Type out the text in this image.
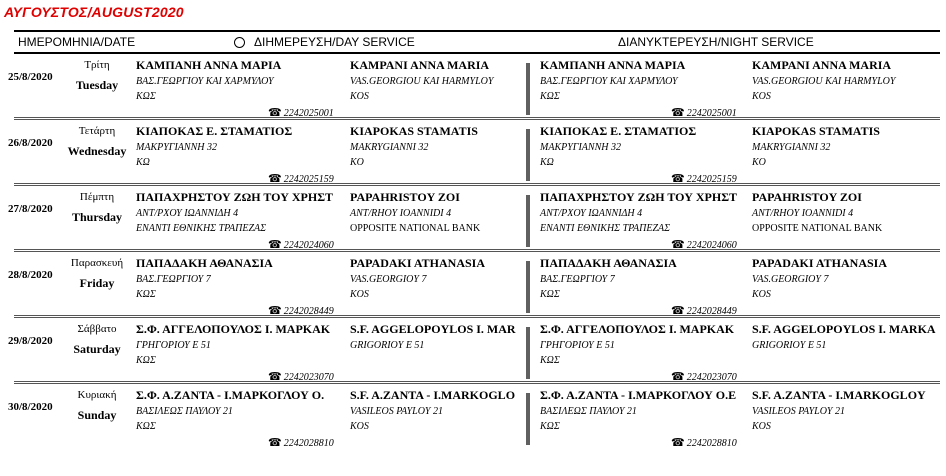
ΑΥΓΟΥΣΤΟΣ/AUGUST2020
ΗΜΕΡΟΜΗΝΙΑ/DATE	ΔΙΗΜΕΡΕΥΣΗ/DAY SERVICE	ΔΙΑΝΥΚΤΕΡΕΥΣΗ/NIGHT SERVICE
25/8/2020
Τρίτη
Tuesday
ΚΑΜΠΑΝΗ ΑΝΝΑ ΜΑΡΙΑ
ΒΑΣ.ΓΕΩΡΓΙΟΥ ΚΑΙ ΧΑΡΜΥΛΟΥ
ΚΩΣ
☎ 2242025001
KAMPANI ANNA MARIA
VAS.GEORGIOU KAI HARMYLOY
KOS
ΚΑΜΠΑΝΗ ΑΝΝΑ ΜΑΡΙΑ
ΒΑΣ.ΓΕΩΡΓΙΟΥ ΚΑΙ ΧΑΡΜΥΛΟΥ
ΚΩΣ
☎ 2242025001
KAMPANI ANNA MARIA
VAS.GEORGIOU KAI HARMYLOY
KOS
26/8/2020
Τετάρτη
Wednesday
ΚΙΑΠΟΚΑΣ Ε. ΣΤΑΜΑΤΙΟΣ
ΜΑΚΡΥΓΙΑΝΝΗ 32
ΚΩ
☎ 2242025159
KIAPOKAS STAMATIS
MAKRYGIANNI 32
KO
ΚΙΑΠΟΚΑΣ Ε. ΣΤΑΜΑΤΙΟΣ
ΜΑΚΡΥΓΙΑΝΝΗ 32
ΚΩ
☎ 2242025159
KIAPOKAS STAMATIS
MAKRYGIANNI 32
KO
27/8/2020
Πέμπτη
Thursday
ΠΑΠΑΧΡΗΣΤΟΥ ΖΩΗ ΤΟΥ ΧΡΗΣΤ
ΑΝΤ/ΡΧΟΥ ΙΩΑΝΝΙΔΗ 4
ΕΝΑΝΤΙ ΕΘΝΙΚΗΣ ΤΡΑΠΕΖΑΣ
☎ 2242024060
PAPAHRISTOY ZOI
ANT/RHOY IOANNIDI 4
OPPOSITE NATIONAL BANK
ΠΑΠΑΧΡΗΣΤΟΥ ΖΩΗ ΤΟΥ ΧΡΗΣΤ
ΑΝΤ/ΡΧΟΥ ΙΩΑΝΝΙΔΗ 4
ΕΝΑΝΤΙ ΕΘΝΙΚΗΣ ΤΡΑΠΕΖΑΣ
☎ 2242024060
PAPAHRISTOY ZOI
ANT/RHOY IOANNIDI 4
OPPOSITE NATIONAL BANK
28/8/2020
Παρασκευή
Friday
ΠΑΠΑΔΑΚΗ ΑΘΑΝΑΣΙΑ
ΒΑΣ.ΓΕΩΡΓΙΟΥ 7
ΚΩΣ
☎ 2242028449
PAPADAKI ATHANASIA
VAS.GEORGIOY 7
KOS
ΠΑΠΑΔΑΚΗ ΑΘΑΝΑΣΙΑ
ΒΑΣ.ΓΕΩΡΓΙΟΥ 7
ΚΩΣ
☎ 2242028449
PAPADAKI ATHANASIA
VAS.GEORGIOY 7
KOS
29/8/2020
Σάββατο
Saturday
Σ.Φ. ΑΓΓΕΛΟΠΟΥΛΟΣ Ι. ΜΑΡΚΑΚ
ΓΡΗΓΟΡΙΟΥ Ε 51
ΚΩΣ
☎ 2242023070
S.F. AGGELOPOYLOS I. MAR
GRIGORIOY E 51
Σ.Φ. ΑΓΓΕΛΟΠΟΥΛΟΣ Ι. ΜΑΡΚΑΚ
ΓΡΗΓΟΡΙΟΥ Ε 51
ΚΩΣ
☎ 2242023070
S.F. AGGELOPOYLOS I. MARKA
GRIGORIOY E 51
30/8/2020
Κυριακή
Sunday
Σ.Φ. Α.ΖΑΝΤΑ - Ι.ΜΑΡΚΟΓΛΟΥ Ο.
ΒΑΣΙΛΕΩΣ ΠΑΥΛΟΥ 21
ΚΩΣ
☎ 2242028810
S.F. A.ZANTA - I.MARKOGLO
VASILEOS PAYLOY 21
KOS
Σ.Φ. Α.ΖΑΝΤΑ - Ι.ΜΑΡΚΟΓΛΟΥ Ο.Ε
ΒΑΣΙΛΕΩΣ ΠΑΥΛΟΥ 21
ΚΩΣ
☎ 2242028810
S.F. A.ZANTA - I.MARKOGLOY
VASILEOS PAYLOY 21
KOS
